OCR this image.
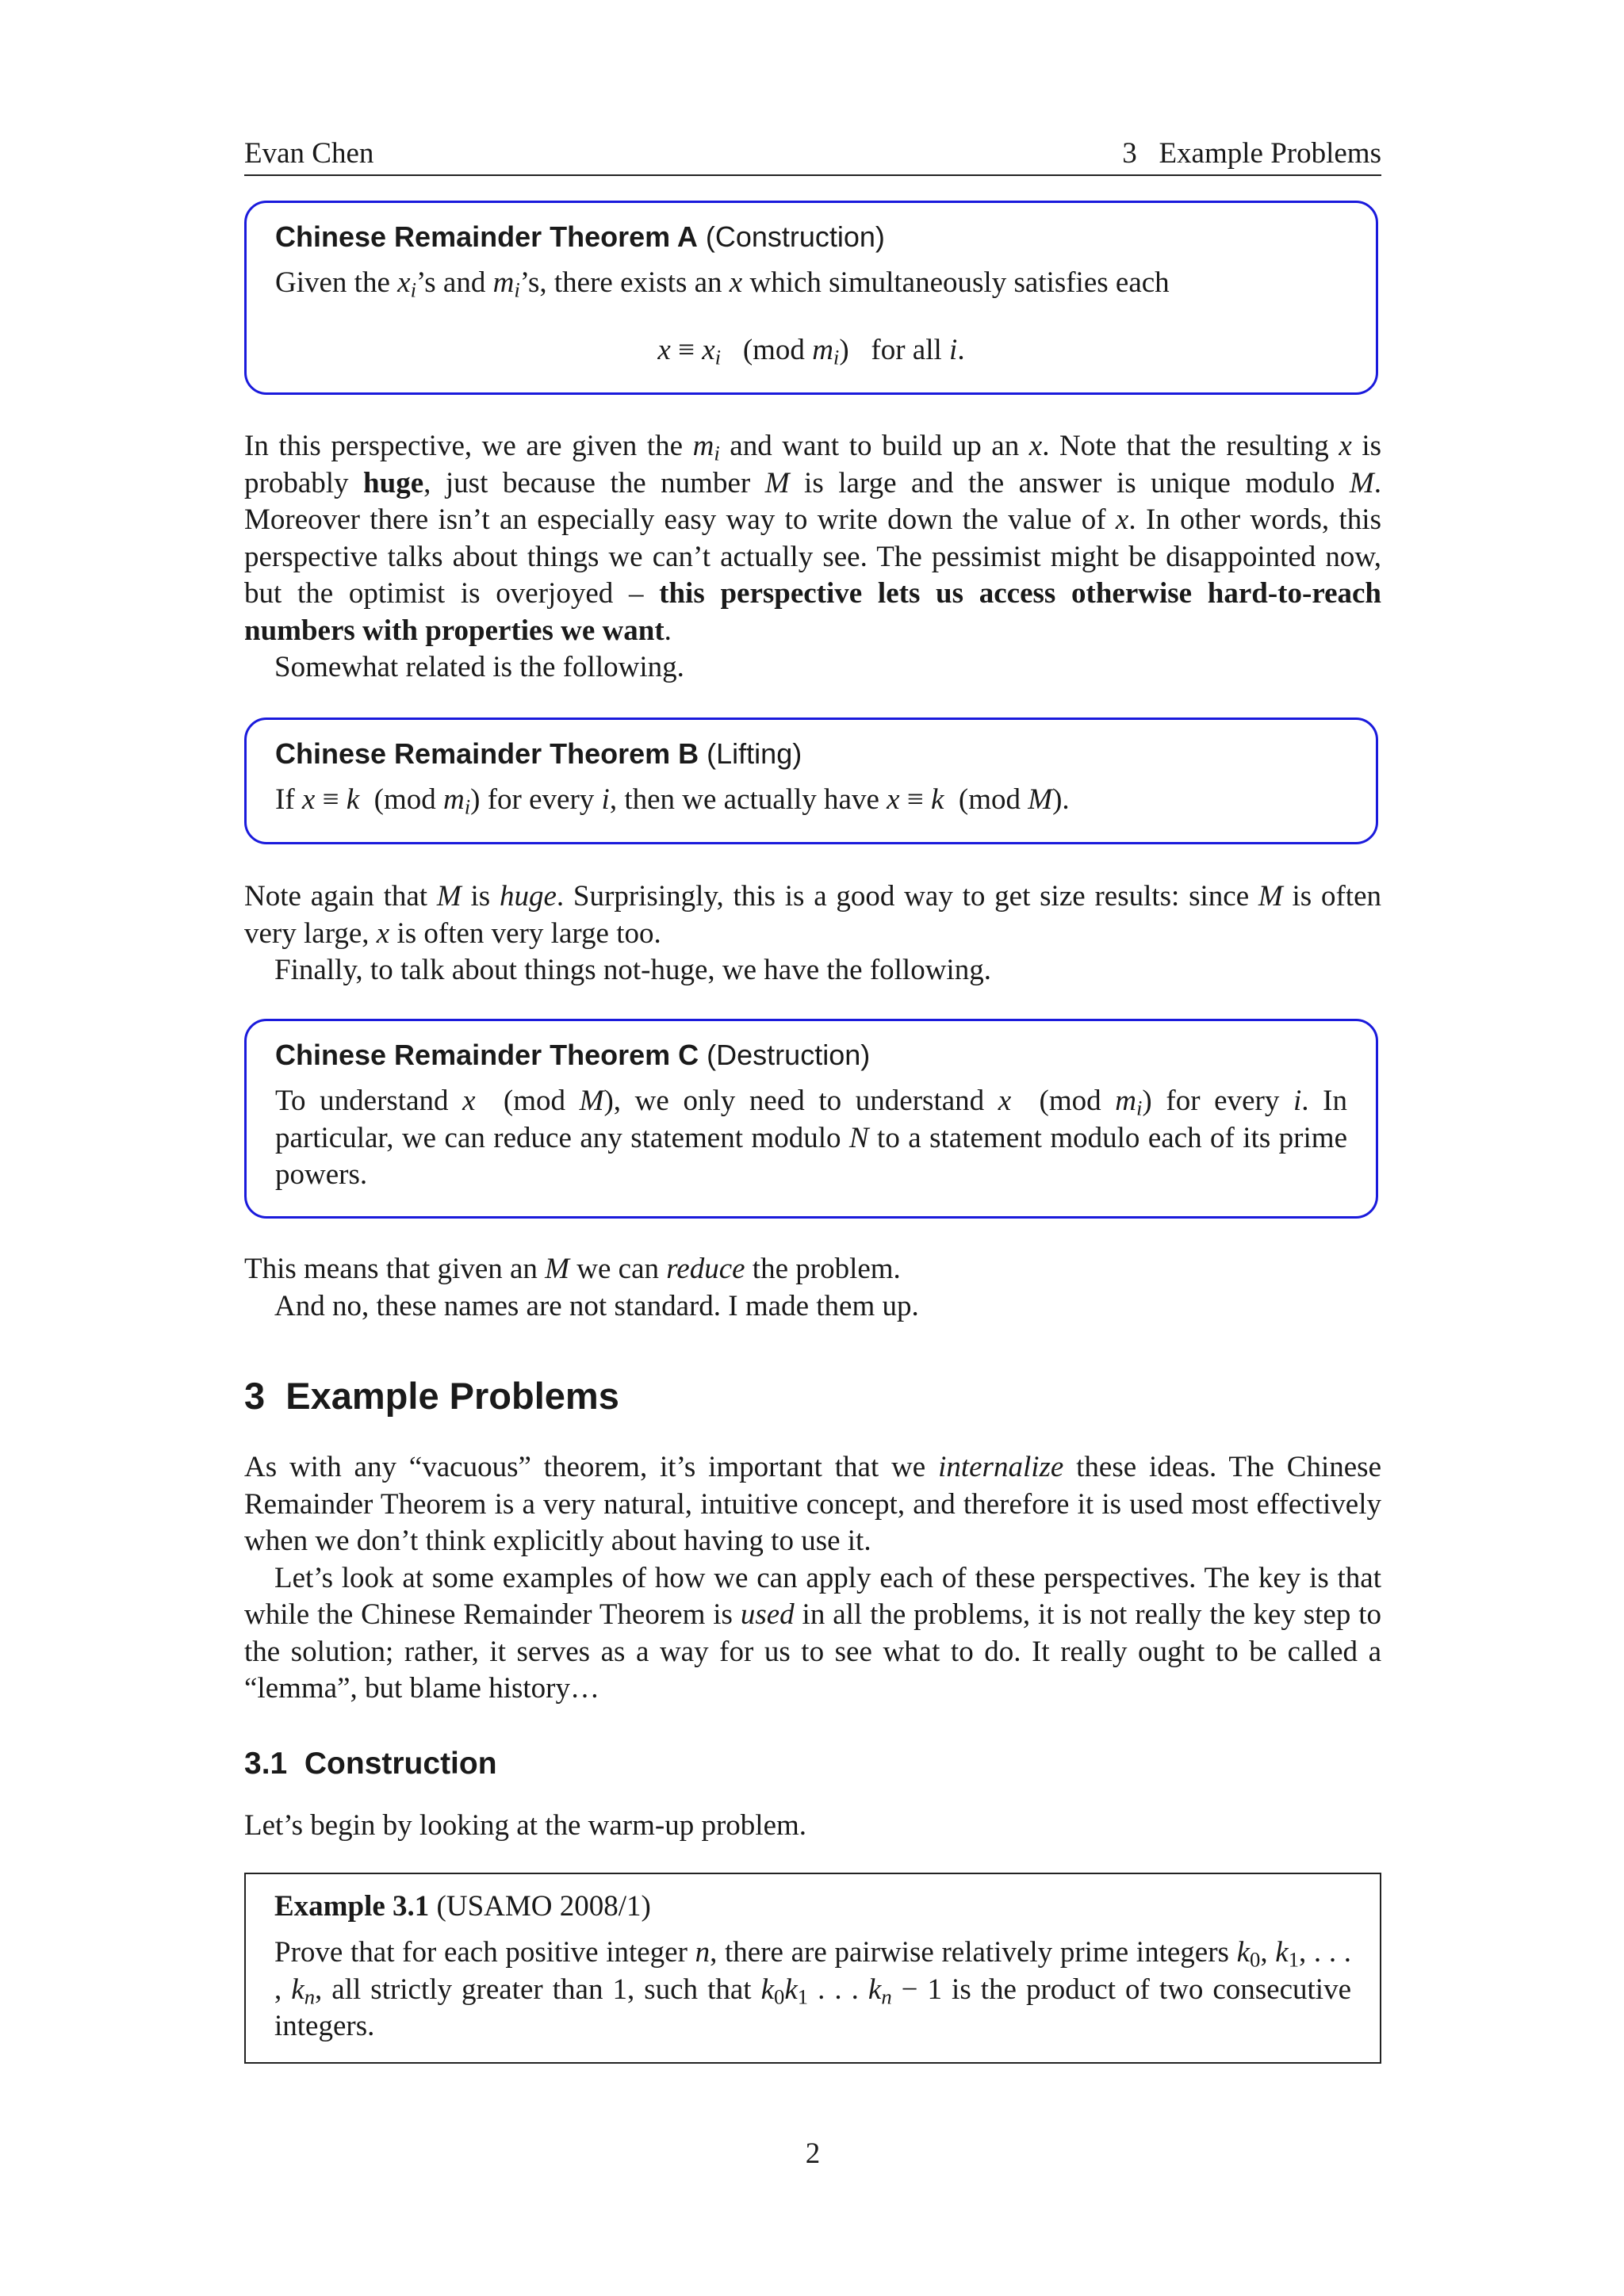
Evan Chen	3   Example Problems
Chinese Remainder Theorem A (Construction)
Given the $x_i’s$ and $m_i’s$, there exists an x which simultaneously satisfies each
$x \equiv x_i$   (mod $m_i$)   for all i.

In this perspective, we are given the $m_i$ and want to build up an x. Note that the resulting x is probably huge, just because the number M is large and the answer is unique modulo M. Moreover there isn’t an especially easy way to write down the value of x. In other words, this perspective talks about things we can’t actually see. The pessimist might be disappointed now, but the optimist is overjoyed – this perspective lets us access otherwise hard-to-reach numbers with properties we want.

Somewhat related is the following.

Chinese Remainder Theorem B (Lifting)
If x ≡ k  (mod $m_i$) for every i, then we actually have x ≡ k  (mod M).

Note again that M is huge. Surprisingly, this is a good way to get size results: since M is often very large, x is often very large too.

Finally, to talk about things not-huge, we have the following.

Chinese Remainder Theorem C (Destruction)
To understand x  (mod M), we only need to understand x  (mod $m_i$) for every i. In particular, we can reduce any statement modulo N to a statement modulo each of its prime powers.

This means that given an M we can reduce the problem.

And no, these names are not standard. I made them up.

3 Example Problems

As with any “vacuous” theorem, it’s important that we internalize these ideas. The Chinese Remainder Theorem is a very natural, intuitive concept, and therefore it is used most effectively when we don’t think explicitly about having to use it.

Let’s look at some examples of how we can apply each of these perspectives. The key is that while the Chinese Remainder Theorem is used in all the problems, it is not really the key step to the solution; rather, it serves as a way for us to see what to do. It really ought to be called a “lemma”, but blame history…

3.1 Construction

Let’s begin by looking at the warm-up problem.

Example 3.1 (USAMO 2008/1)
Prove that for each positive integer n, there are pairwise relatively prime integers $k_0$, $k_1$, . . . , $k_n$, all strictly greater than 1, such that $k_0k_1$ . . . $k_n - 1$ is the product of two consecutive integers.
2
